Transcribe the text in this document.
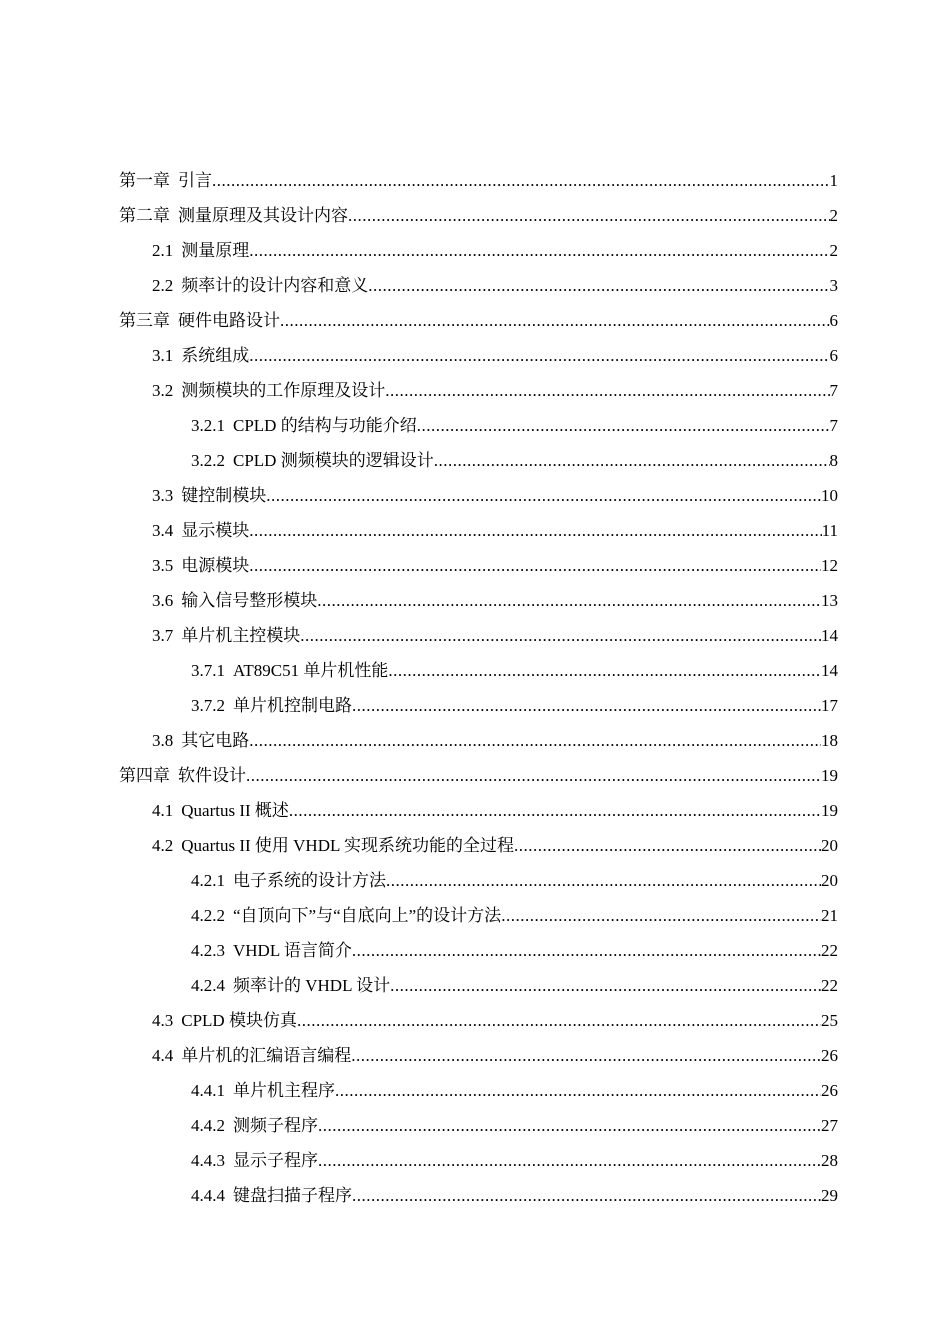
第一章 引言 .....	1
第二章 测量原理及其设计内容 .....	2
2.1 测量原理 .....	2
2.2 频率计的设计内容和意义 .....	3
第三章 硬件电路设计 .....	6
3.1 系统组成 .....	6
3.2 测频模块的工作原理及设计 .....	7
3.2.1 CPLD 的结构与功能介绍 .....	7
3.2.2 CPLD 测频模块的逻辑设计 .....	8
3.3 键控制模块 .....	10
3.4 显示模块 .....	11
3.5 电源模块 .....	12
3.6 输入信号整形模块 .....	13
3.7 单片机主控模块 .....	14
3.7.1 AT89C51 单片机性能 .....	14
3.7.2 单片机控制电路 .....	17
3.8 其它电路 .....	18
第四章 软件设计 .....	19
4.1 Quartus II 概述 .....	19
4.2 Quartus II 使用 VHDL 实现系统功能的全过程 .....	20
4.2.1 电子系统的设计方法 .....	20
4.2.2 “自顶向下”与“自底向上”的设计方法 .....	21
4.2.3 VHDL 语言简介 .....	22
4.2.4 频率计的 VHDL 设计 .....	22
4.3 CPLD 模块仿真 .....	25
4.4 单片机的汇编语言编程 .....	26
4.4.1 单片机主程序 .....	26
4.4.2 测频子程序 .....	27
4.4.3 显示子程序 .....	28
4.4.4 键盘扫描子程序 .....	29
